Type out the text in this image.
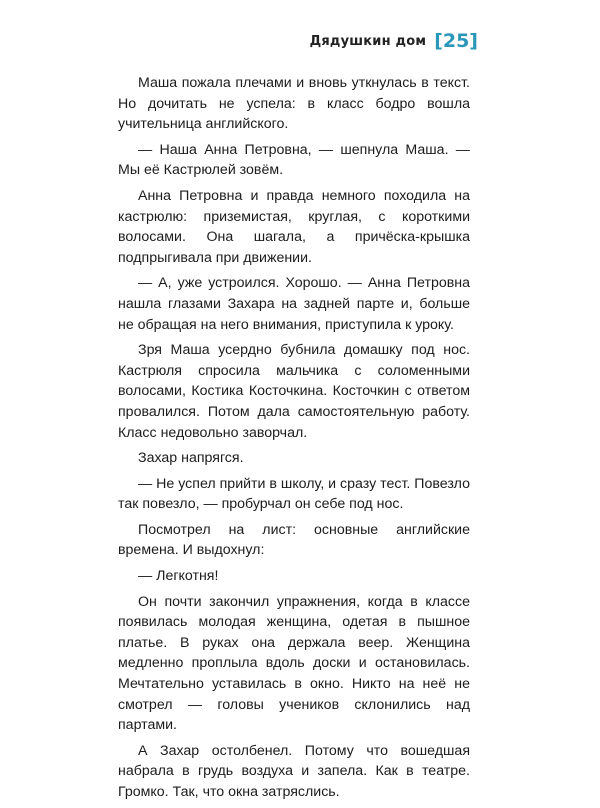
Дядушкин дом [25]

Маша пожала плечами и вновь уткнулась в текст. Но дочитать не успела: в класс бодро вошла учительница английского.

— Наша Анна Петровна, — шепнула Маша. — Мы её Кастрюлей зовём.

Анна Петровна и правда немного походила на кастрюлю: приземистая, круглая, с короткими волосами. Она шагала, а причёска-крышка подпрыгивала при движении.

— А, уже устроился. Хорошо. — Анна Петровна нашла глазами Захара на задней парте и, больше не обращая на него внимания, приступила к уроку.

Зря Маша усердно бубнила домашку под нос. Кастрюля спросила мальчика с соломенными волосами, Костика Косточкина. Косточкин с ответом провалился. Потом дала самостоятельную работу. Класс недовольно заворчал.

Захар напрягся.

— Не успел прийти в школу, и сразу тест. Повезло так повезло, — пробурчал он себе под нос.

Посмотрел на лист: основные английские времена. И выдохнул:

— Легкотня!

Он почти закончил упражнения, когда в классе появилась молодая женщина, одетая в пышное платье. В руках она держала веер. Женщина медленно проплыла вдоль доски и остановилась. Мечтательно уставилась в окно. Никто на неё не смотрел — головы учеников склонились над партами.

А Захар остолбенел. Потому что вошедшая набрала в грудь воздуха и запела. Как в театре. Громко. Так, что окна затряслись.
